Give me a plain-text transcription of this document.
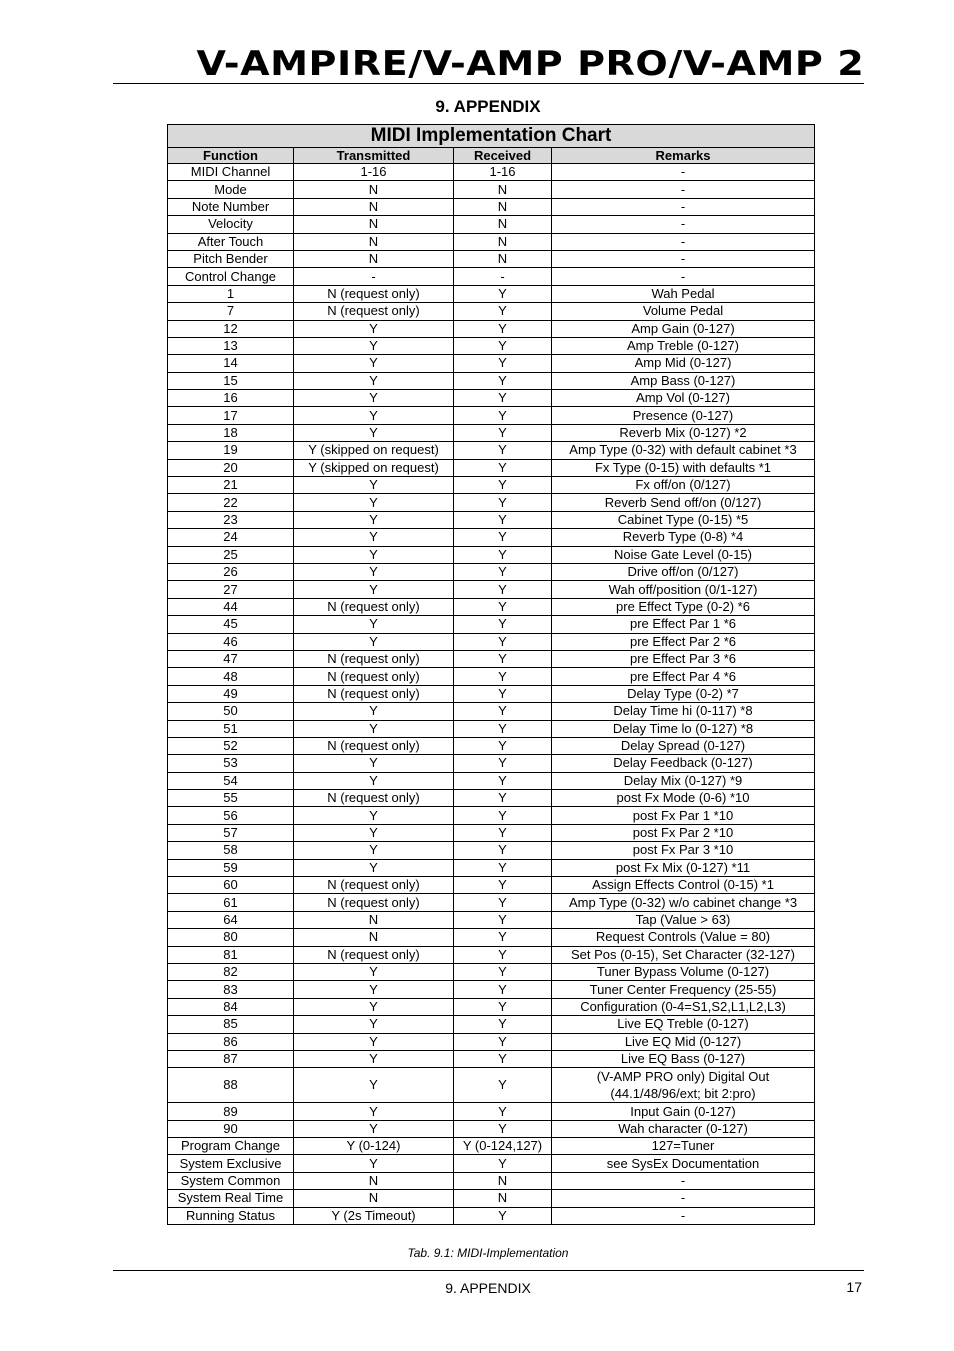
V-AMPIRE/V-AMP PRO/V-AMP 2
9. APPENDIX
MIDI Implementation Chart			
Function	Transmitted	Received	Remarks
MIDI Channel	1-16	1-16	-
Mode	N	N	-
Note Number	N	N	-
Velocity	N	N	-
After Touch	N	N	-
Pitch Bender	N	N	-
Control Change	-	-	-
1	N (request only)	Y	Wah Pedal
7	N (request only)	Y	Volume Pedal
12	Y	Y	Amp Gain (0-127)
13	Y	Y	Amp Treble (0-127)
14	Y	Y	Amp Mid (0-127)
15	Y	Y	Amp Bass (0-127)
16	Y	Y	Amp Vol (0-127)
17	Y	Y	Presence (0-127)
18	Y	Y	Reverb Mix (0-127) *2
19	Y (skipped on request)	Y	Amp Type (0-32) with default cabinet *3
20	Y (skipped on request)	Y	Fx Type (0-15) with defaults *1
21	Y	Y	Fx off/on (0/127)
22	Y	Y	Reverb Send off/on (0/127)
23	Y	Y	Cabinet Type (0-15) *5
24	Y	Y	Reverb Type (0-8) *4
25	Y	Y	Noise Gate Level (0-15)
26	Y	Y	Drive off/on (0/127)
27	Y	Y	Wah off/position (0/1-127)
44	N (request only)	Y	pre Effect Type (0-2) *6
45	Y	Y	pre Effect Par 1 *6
46	Y	Y	pre Effect Par 2 *6
47	N (request only)	Y	pre Effect Par 3 *6
48	N (request only)	Y	pre Effect Par 4 *6
49	N (request only)	Y	Delay Type (0-2) *7
50	Y	Y	Delay Time hi (0-117) *8
51	Y	Y	Delay Time lo (0-127) *8
52	N (request only)	Y	Delay Spread (0-127)
53	Y	Y	Delay Feedback (0-127)
54	Y	Y	Delay Mix (0-127) *9
55	N (request only)	Y	post Fx Mode (0-6) *10
56	Y	Y	post Fx Par 1 *10
57	Y	Y	post Fx Par 2 *10
58	Y	Y	post Fx Par 3 *10
59	Y	Y	post Fx Mix (0-127) *11
60	N (request only)	Y	Assign Effects Control (0-15) *1
61	N (request only)	Y	Amp Type (0-32) w/o cabinet change *3
64	N	Y	Tap (Value > 63)
80	N	Y	Request Controls (Value = 80)
81	N (request only)	Y	Set Pos (0-15), Set Character (32-127)
82	Y	Y	Tuner Bypass Volume (0-127)
83	Y	Y	Tuner Center Frequency (25-55)
84	Y	Y	Configuration (0-4=S1,S2,L1,L2,L3)
85	Y	Y	Live EQ Treble (0-127)
86	Y	Y	Live EQ Mid (0-127)
87	Y	Y	Live EQ Bass (0-127)
88	Y	Y	(V-AMP PRO only) Digital Out (44.1/48/96/ext; bit 2:pro)
89	Y	Y	Input Gain (0-127)
90	Y	Y	Wah character (0-127)
Program Change	Y (0-124)	Y (0-124,127)	127=Tuner
System Exclusive	Y	Y	see SysEx Documentation
System Common	N	N	-
System Real Time	N	N	-
Running Status	Y (2s Timeout)	Y	-
Tab. 9.1: MIDI-Implementation
9. APPENDIX	17
